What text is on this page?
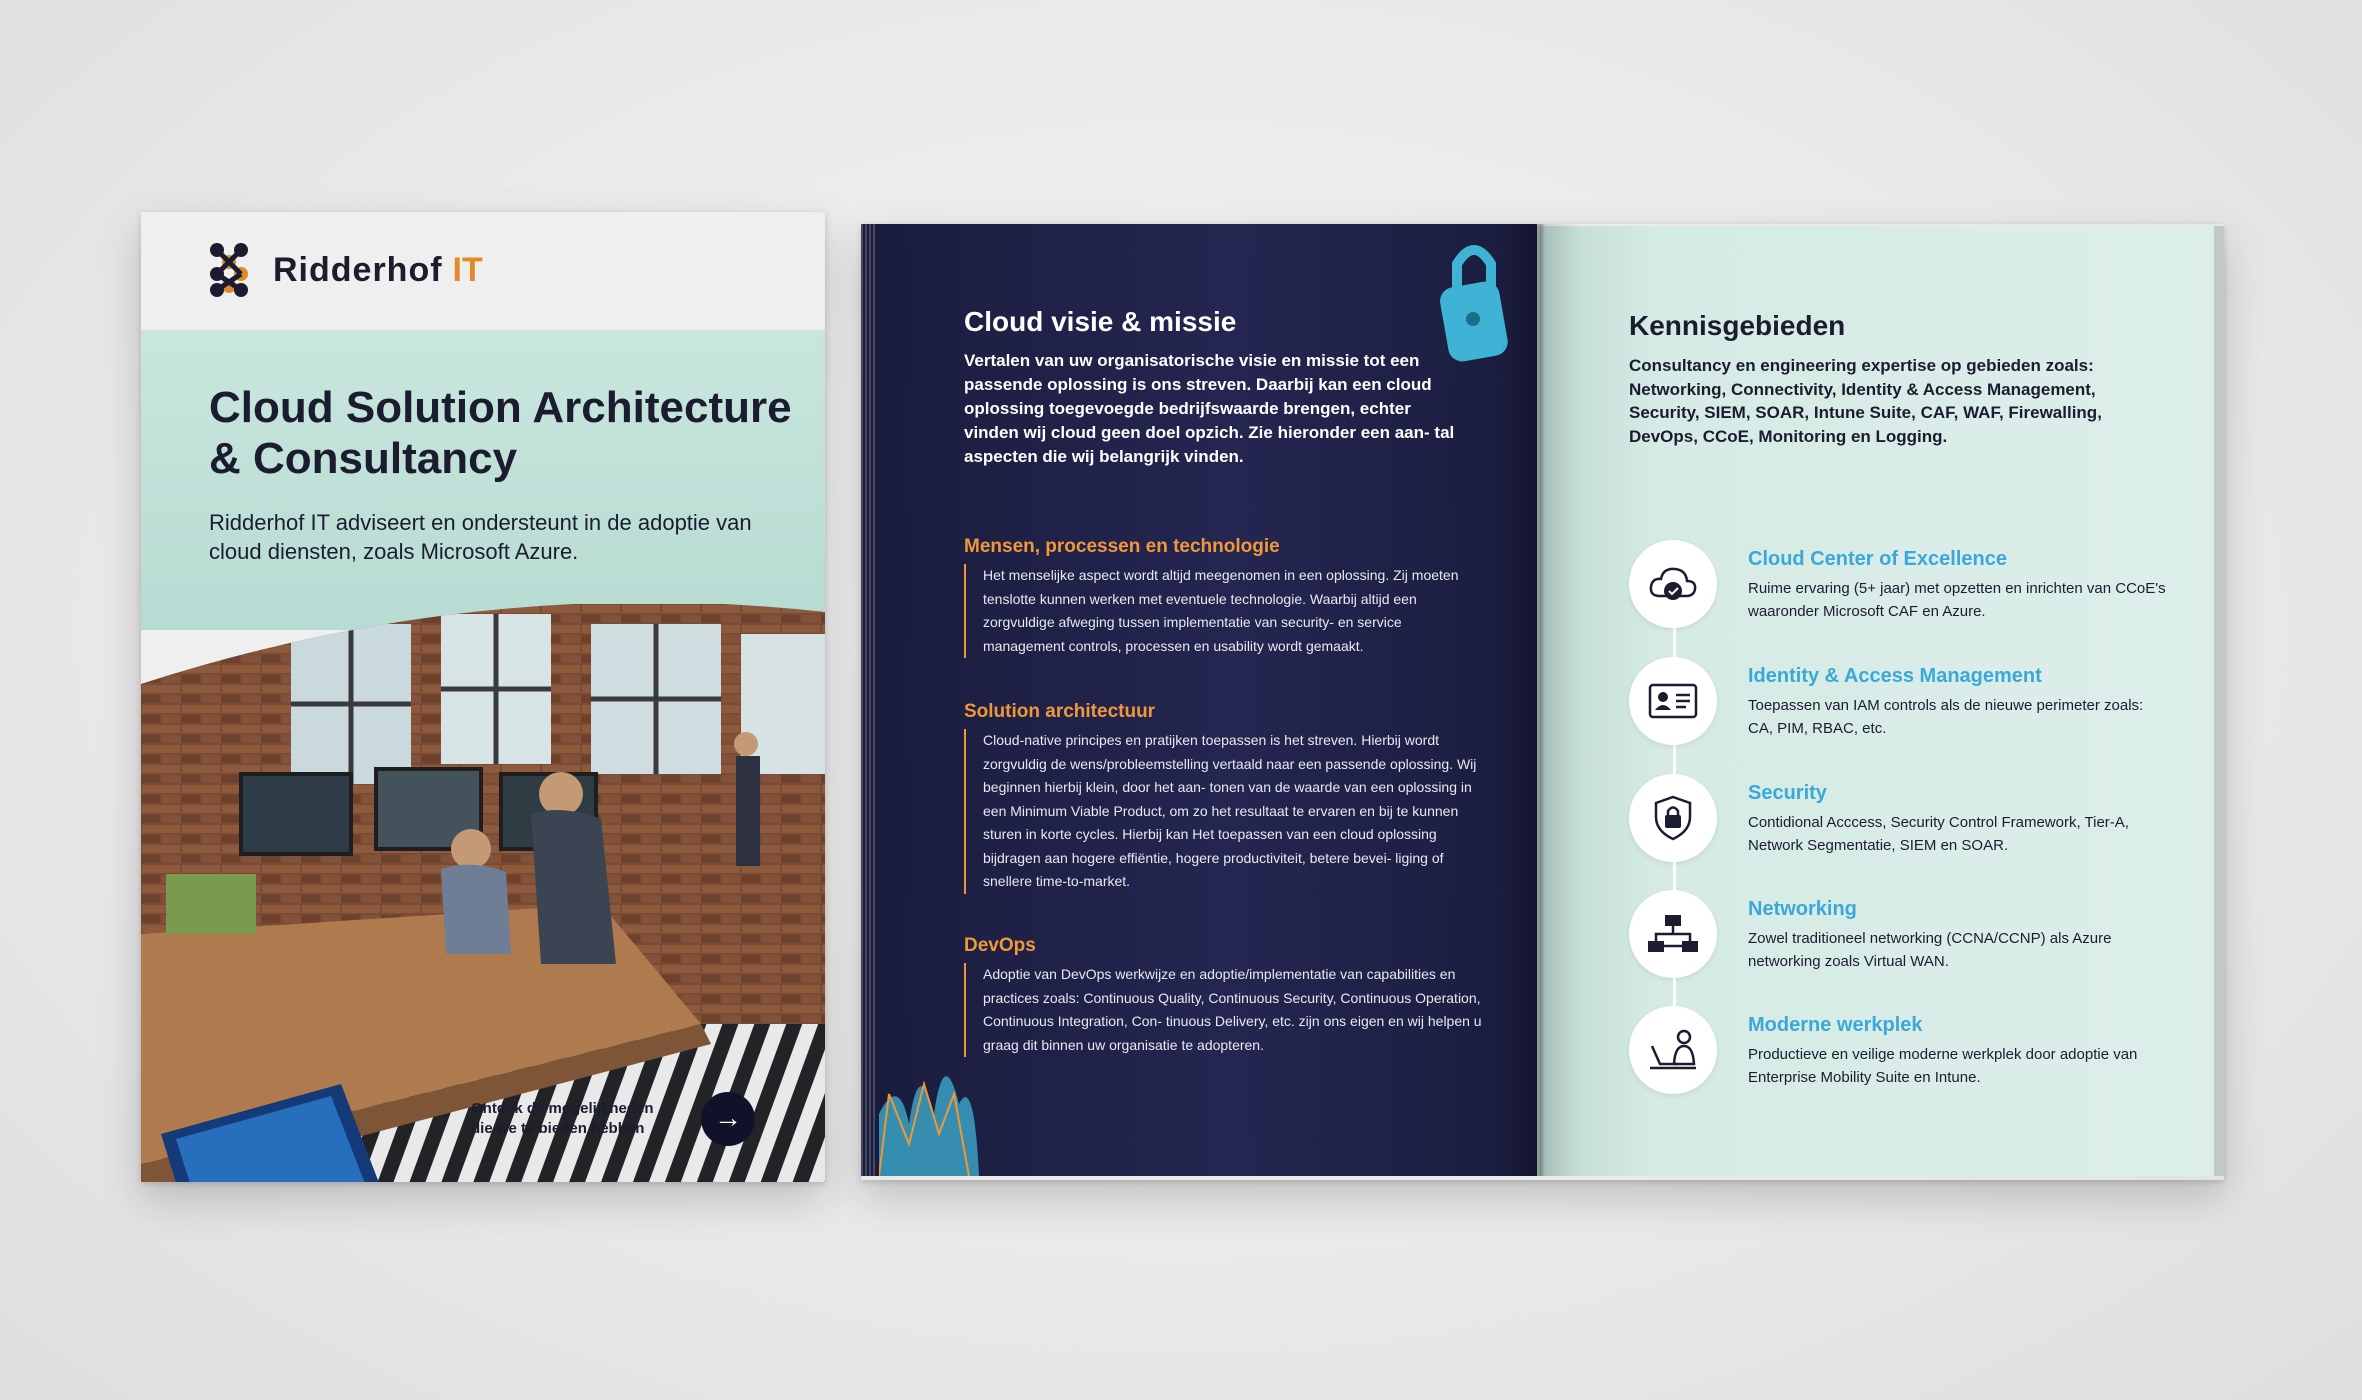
Ridderhof IT
Cloud Solution Architecture & Consultancy
Ridderhof IT adviseert en ondersteunt in de adoptie van cloud diensten, zoals Microsoft Azure.
Ontdek de mogelijkheden
die we te bieden hebben	→
Cloud visie & missie
Vertalen van uw organisatorische visie en missie tot een passende oplossing is ons streven. Daarbij kan een cloud oplossing toegevoegde bedrijfswaarde brengen, echter vinden wij cloud geen doel opzich. Zie hieronder een aan- tal aspecten die wij belangrijk vinden.
Mensen, processen en technologie
Het menselijke aspect wordt altijd meegenomen in een oplossing. Zij moeten tenslotte kunnen werken met eventuele technologie. Waarbij altijd een zorgvuldige afweging tussen implementatie van security- en service management controls, processen en usability wordt gemaakt.
Solution architectuur
Cloud-native principes en pratijken toepassen is het streven. Hierbij wordt zorgvuldig de wens/probleemstelling vertaald naar een passende oplossing. Wij beginnen hierbij klein, door het aan- tonen van de waarde van een oplossing in een Minimum Viable Product, om zo het resultaat te ervaren en bij te kunnen sturen in korte cycles. Hierbij kan Het toepassen van een cloud oplossing bijdragen aan hogere effiëntie, hogere productiviteit, betere bevei- liging of snellere time-to-market.
DevOps
Adoptie van DevOps werkwijze en adoptie/implementatie van capabilities en practices zoals: Continuous Quality, Continuous Security, Continuous Operation, Continuous Integration, Con- tinuous Delivery, etc. zijn ons eigen en wij helpen u graag dit binnen uw organisatie te adopteren.
Kennisgebieden
Consultancy en engineering expertise op gebieden zoals: Networking, Connectivity, Identity & Access Management, Security, SIEM, SOAR, Intune Suite, CAF, WAF, Firewalling, DevOps, CCoE, Monitoring en Logging.
Cloud Center of Excellence
Ruime ervaring (5+ jaar) met opzetten en inrichten van CCoE's waaronder Microsoft CAF en Azure.
Identity & Access Management
Toepassen van IAM controls als de nieuwe perimeter zoals: CA, PIM, RBAC, etc.
Security
Contidional Acccess, Security Control Framework, Tier-A, Network Segmentatie, SIEM en SOAR.
Networking
Zowel traditioneel networking (CCNA/CCNP) als Azure networking zoals Virtual WAN.
Moderne werkplek
Productieve en veilige moderne werkplek door adoptie van Enterprise Mobility Suite en Intune.
